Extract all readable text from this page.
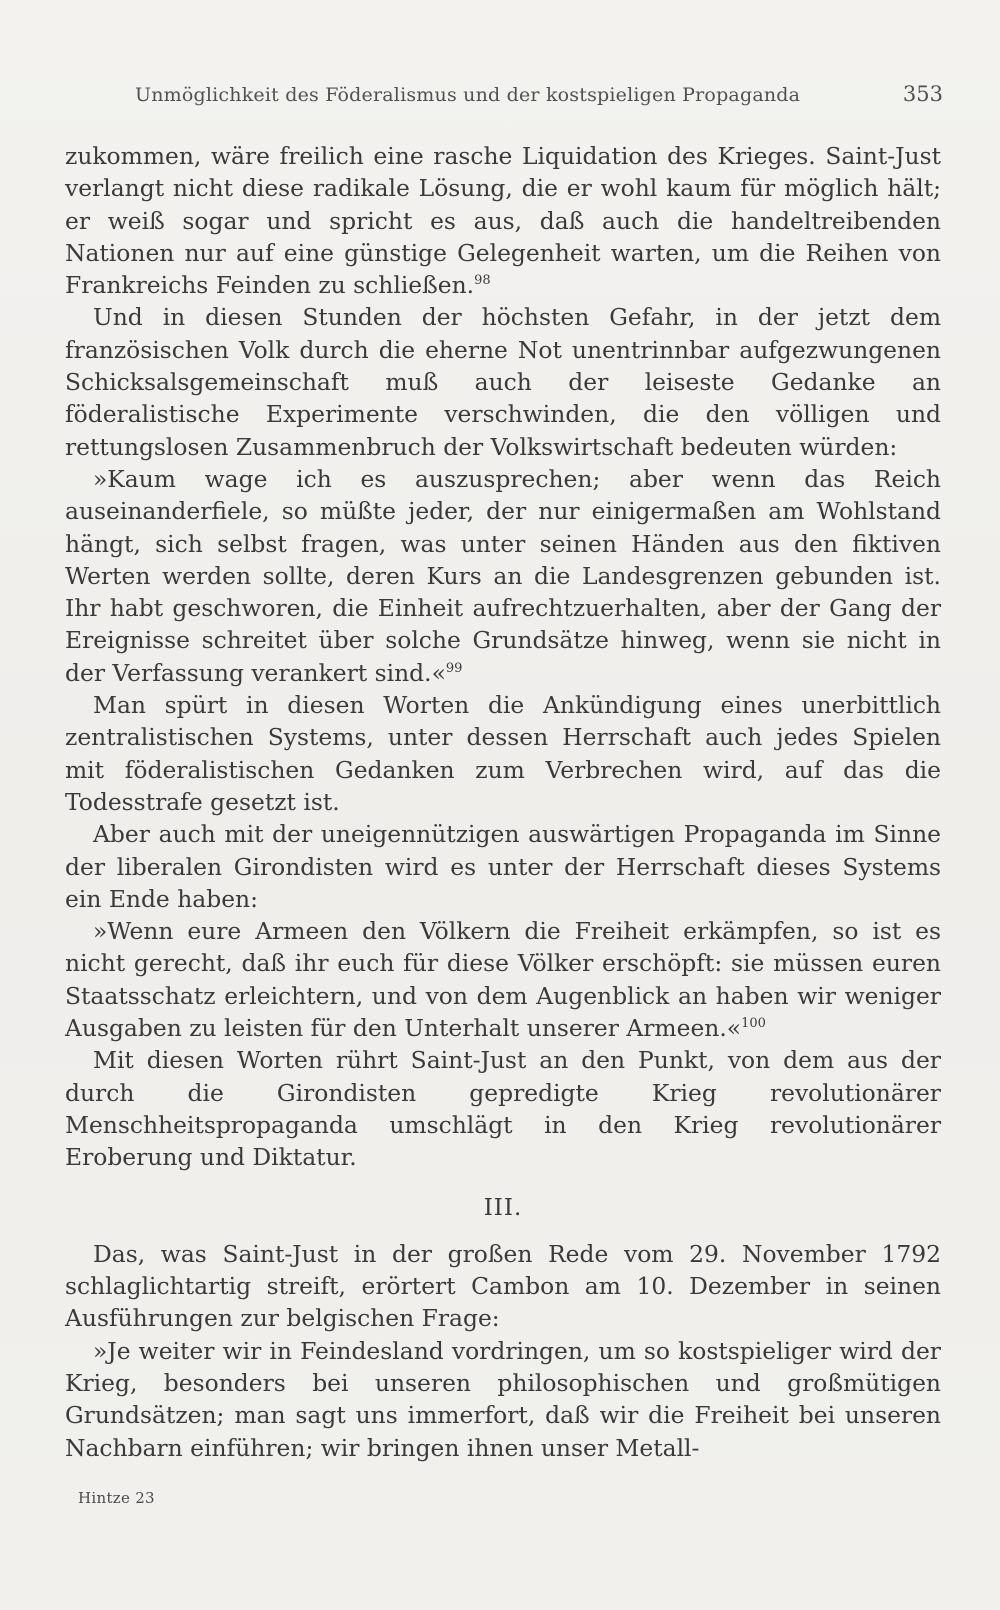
Unmöglichkeit des Föderalismus und der kostspieligen Propaganda	353

zukommen, wäre freilich eine rasche Liquidation des Krieges. Saint-Just verlangt nicht diese radikale Lösung, die er wohl kaum für möglich hält; er weiß sogar und spricht es aus, daß auch die handeltreibenden Nationen nur auf eine günstige Gelegenheit warten, um die Reihen von Frankreichs Feinden zu schließen.$^{98}$

Und in diesen Stunden der höchsten Gefahr, in der jetzt dem französischen Volk durch die eherne Not unentrinnbar aufgezwungenen Schicksalsgemeinschaft muß auch der leiseste Gedanke an föderalistische Experimente verschwinden, die den völligen und rettungslosen Zusammenbruch der Volkswirtschaft bedeuten würden:

»Kaum wage ich es auszusprechen; aber wenn das Reich auseinanderfiele, so müßte jeder, der nur einigermaßen am Wohlstand hängt, sich selbst fragen, was unter seinen Händen aus den fiktiven Werten werden sollte, deren Kurs an die Landesgrenzen gebunden ist. Ihr habt geschworen, die Einheit aufrechtzuerhalten, aber der Gang der Ereignisse schreitet über solche Grundsätze hinweg, wenn sie nicht in der Verfassung verankert sind.«$^{99}$

Man spürt in diesen Worten die Ankündigung eines unerbittlich zentralistischen Systems, unter dessen Herrschaft auch jedes Spielen mit föderalistischen Gedanken zum Verbrechen wird, auf das die Todesstrafe gesetzt ist.

Aber auch mit der uneigennützigen auswärtigen Propaganda im Sinne der liberalen Girondisten wird es unter der Herrschaft dieses Systems ein Ende haben:

»Wenn eure Armeen den Völkern die Freiheit erkämpfen, so ist es nicht gerecht, daß ihr euch für diese Völker erschöpft: sie müssen euren Staatsschatz erleichtern, und von dem Augenblick an haben wir weniger Ausgaben zu leisten für den Unterhalt unserer Armeen.«$^{100}$

Mit diesen Worten rührt Saint-Just an den Punkt, von dem aus der durch die Girondisten gepredigte Krieg revolutionärer Menschheitspropaganda umschlägt in den Krieg revolutionärer Eroberung und Diktatur.

III.

Das, was Saint-Just in der großen Rede vom 29. November 1792 schlaglichtartig streift, erörtert Cambon am 10. Dezember in seinen Ausführungen zur belgischen Frage:

»Je weiter wir in Feindesland vordringen, um so kostspieliger wird der Krieg, besonders bei unseren philosophischen und großmütigen Grundsätzen; man sagt uns immerfort, daß wir die Freiheit bei unseren Nachbarn einführen; wir bringen ihnen unser Metall-

Hintze 23
